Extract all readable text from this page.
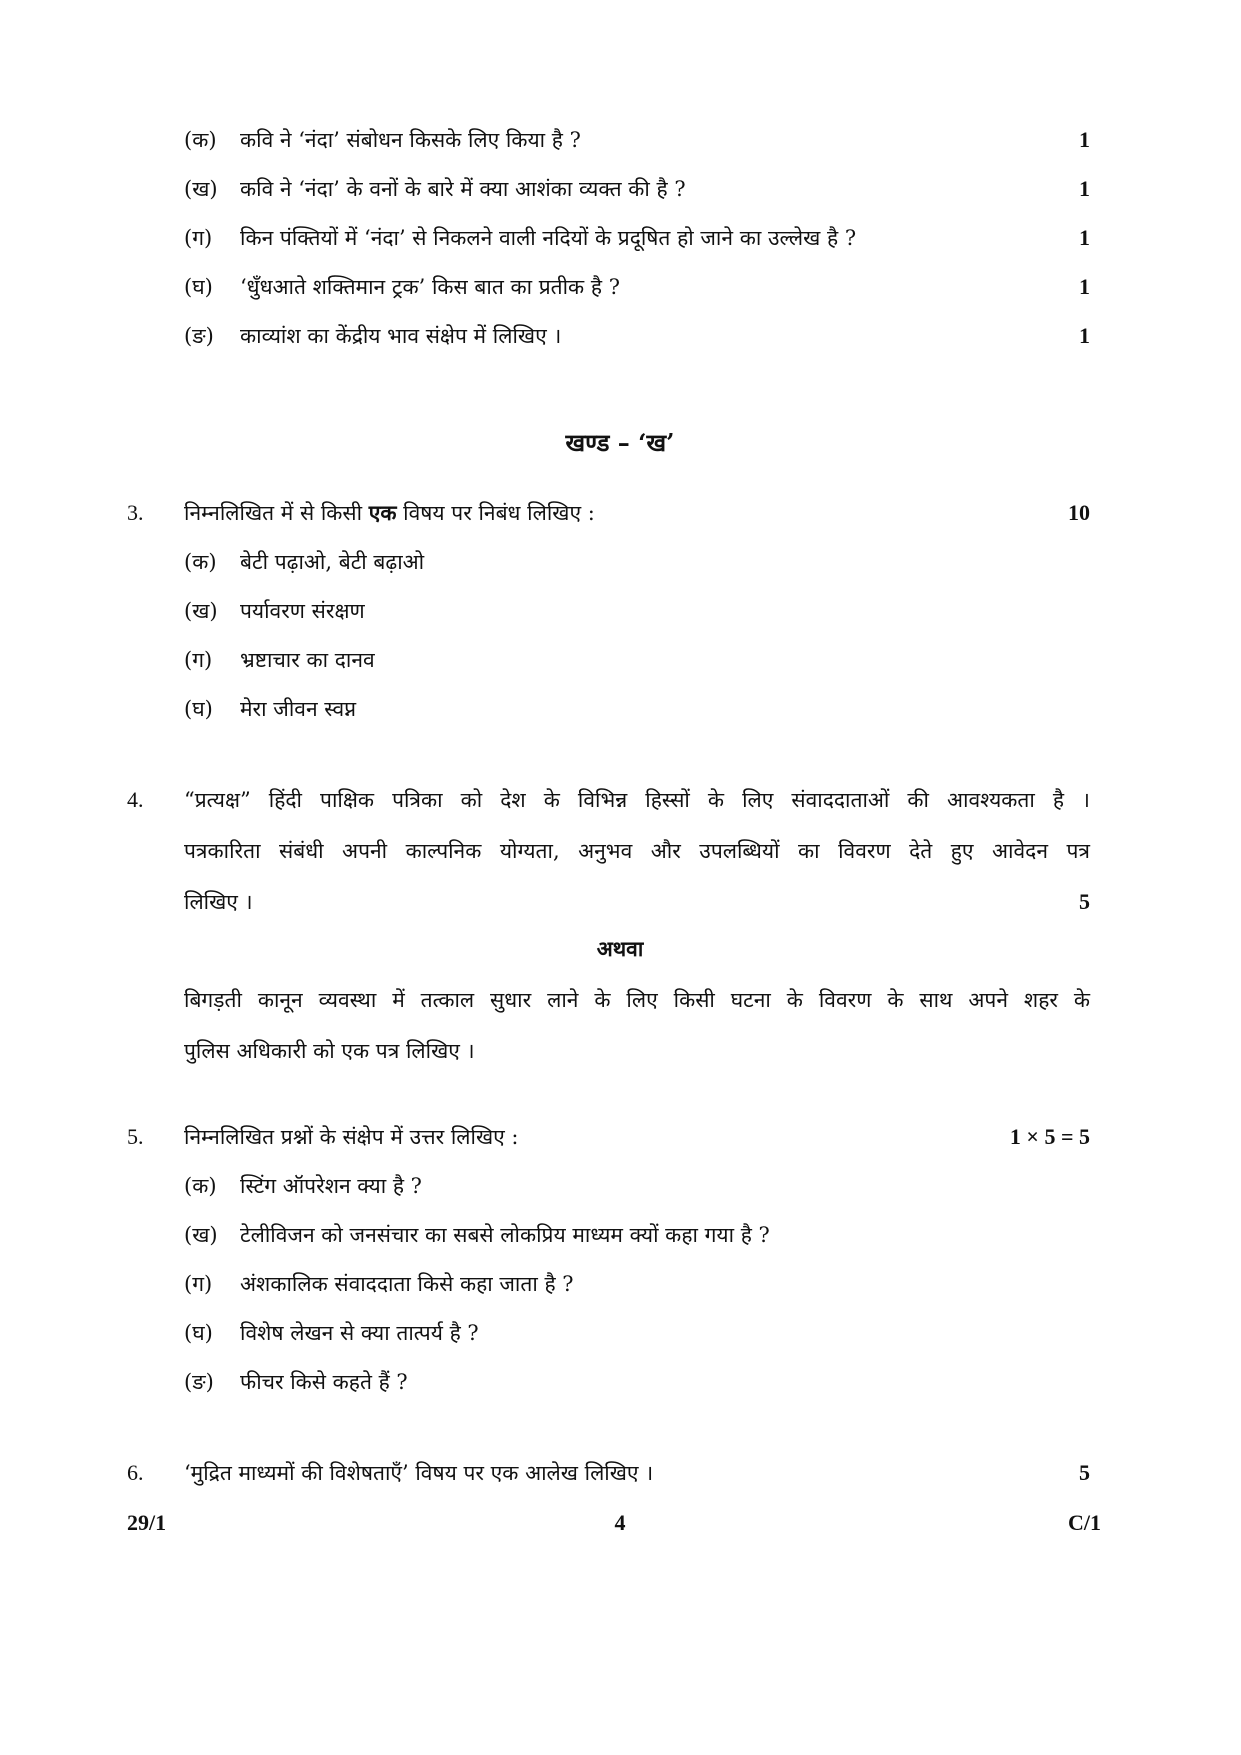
(क) कवि ने ‘नंदा’ संबोधन किसके लिए किया है ?	1
(ख) कवि ने ‘नंदा’ के वनों के बारे में क्या आशंका व्यक्त की है ?	1
(ग) किन पंक्तियों में ‘नंदा’ से निकलने वाली नदियों के प्रदूषित हो जाने का उल्लेख है ?	1
(घ) ‘धुँधआते शक्तिमान ट्रक’ किस बात का प्रतीक है ?	1
(ङ) काव्यांश का केंद्रीय भाव संक्षेप में लिखिए ।	1
खण्ड – ‘ख’
3. निम्नलिखित में से किसी एक विषय पर निबंध लिखिए :	10
(क) बेटी पढ़ाओ, बेटी बढ़ाओ
(ख) पर्यावरण संरक्षण
(ग) भ्रष्टाचार का दानव
(घ) मेरा जीवन स्वप्न
4. “प्रत्यक्ष” हिंदी पाक्षिक पत्रिका को देश के विभिन्न हिस्सों के लिए संवाददाताओं की आवश्यकता है ।
पत्रकारिता संबंधी अपनी काल्पनिक योग्यता, अनुभव और उपलब्धियों का विवरण देते हुए आवेदन पत्र
लिखिए ।	5
अथवा
बिगड़ती कानून व्यवस्था में तत्काल सुधार लाने के लिए किसी घटना के विवरण के साथ अपने शहर के
पुलिस अधिकारी को एक पत्र लिखिए ।
5. निम्नलिखित प्रश्नों के संक्षेप में उत्तर लिखिए :	1 × 5 = 5
(क) स्टिंग ऑपरेशन क्या है ?
(ख) टेलीविजन को जनसंचार का सबसे लोकप्रिय माध्यम क्यों कहा गया है ?
(ग) अंशकालिक संवाददाता किसे कहा जाता है ?
(घ) विशेष लेखन से क्या तात्पर्य है ?
(ङ) फीचर किसे कहते हैं ?
6. ‘मुद्रित माध्यमों की विशेषताएँ’ विषय पर एक आलेख लिखिए ।	5
29/1	4	C/1
